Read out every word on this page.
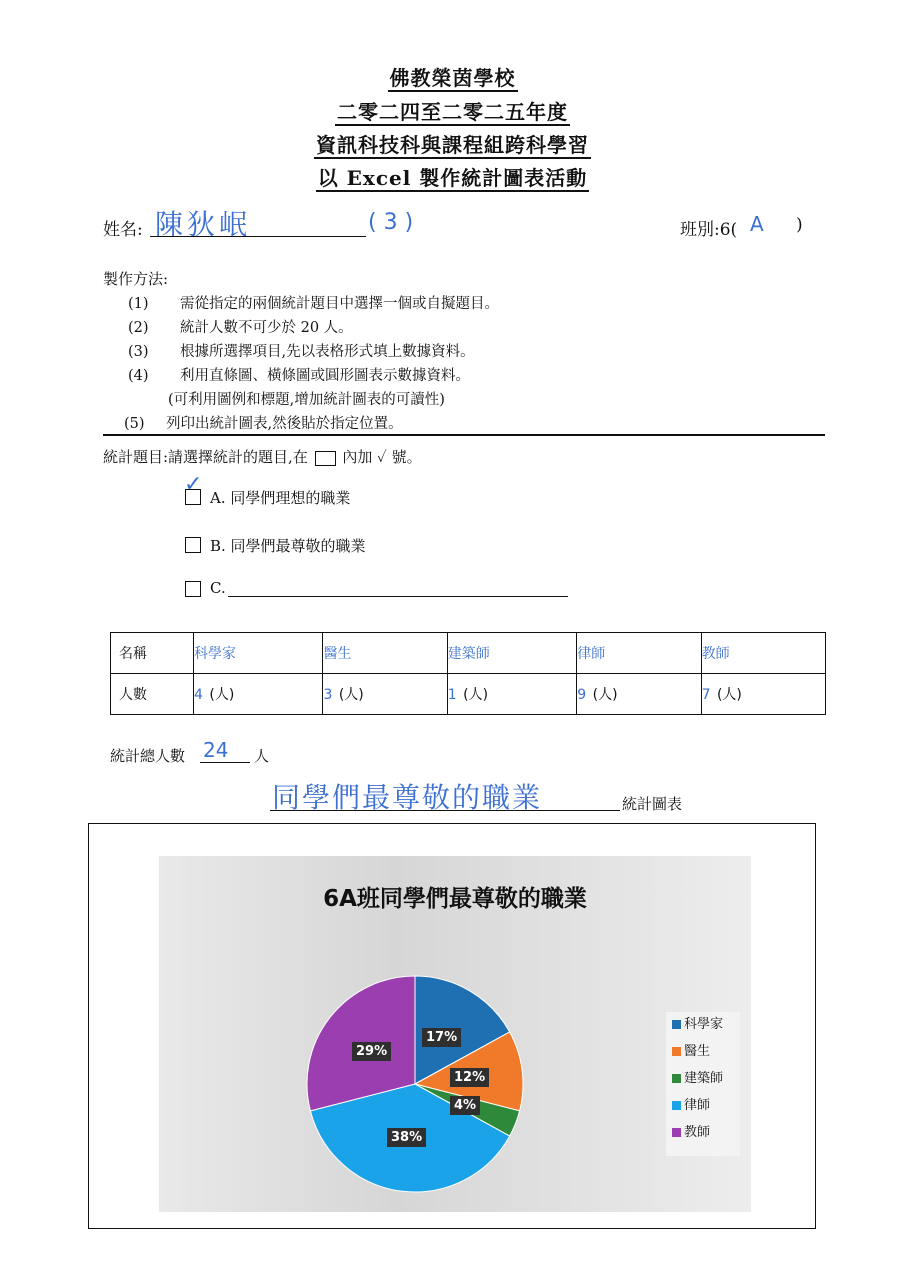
佛教榮茵學校
二零二四至二零二五年度
資訊科技科與課程組跨科學習
以 Excel 製作統計圖表活動
姓名: 陳狄岷	( 3 )	班別:6( A )
製作方法:
(1) 需從指定的兩個統計題目中選擇一個或自擬題目。
(2) 統計人數不可少於 20 人。
(3) 根據所選擇項目,先以表格形式填上數據資料。
(4) 利用直條圖、橫條圖或圓形圖表示數據資料。
(可利用圖例和標題,增加統計圖表的可讀性)
(5) 列印出統計圖表,然後貼於指定位置。
統計題目:請選擇統計的題目,在 內加 ✓ 號。
✓
A. 同學們理想的職業
B. 同學們最尊敬的職業
C.
名稱	科學家	醫生	建築師	律師	教師
人數	4 (人)	3 (人)	1 (人)	9 (人)	7 (人)
統計總人數 24 人
同學們最尊敬的職業	統計圖表
6A班同學們最尊敬的職業
科學家
醫生
建築師
律師
教師
17%
12%
4%
38%
29%
